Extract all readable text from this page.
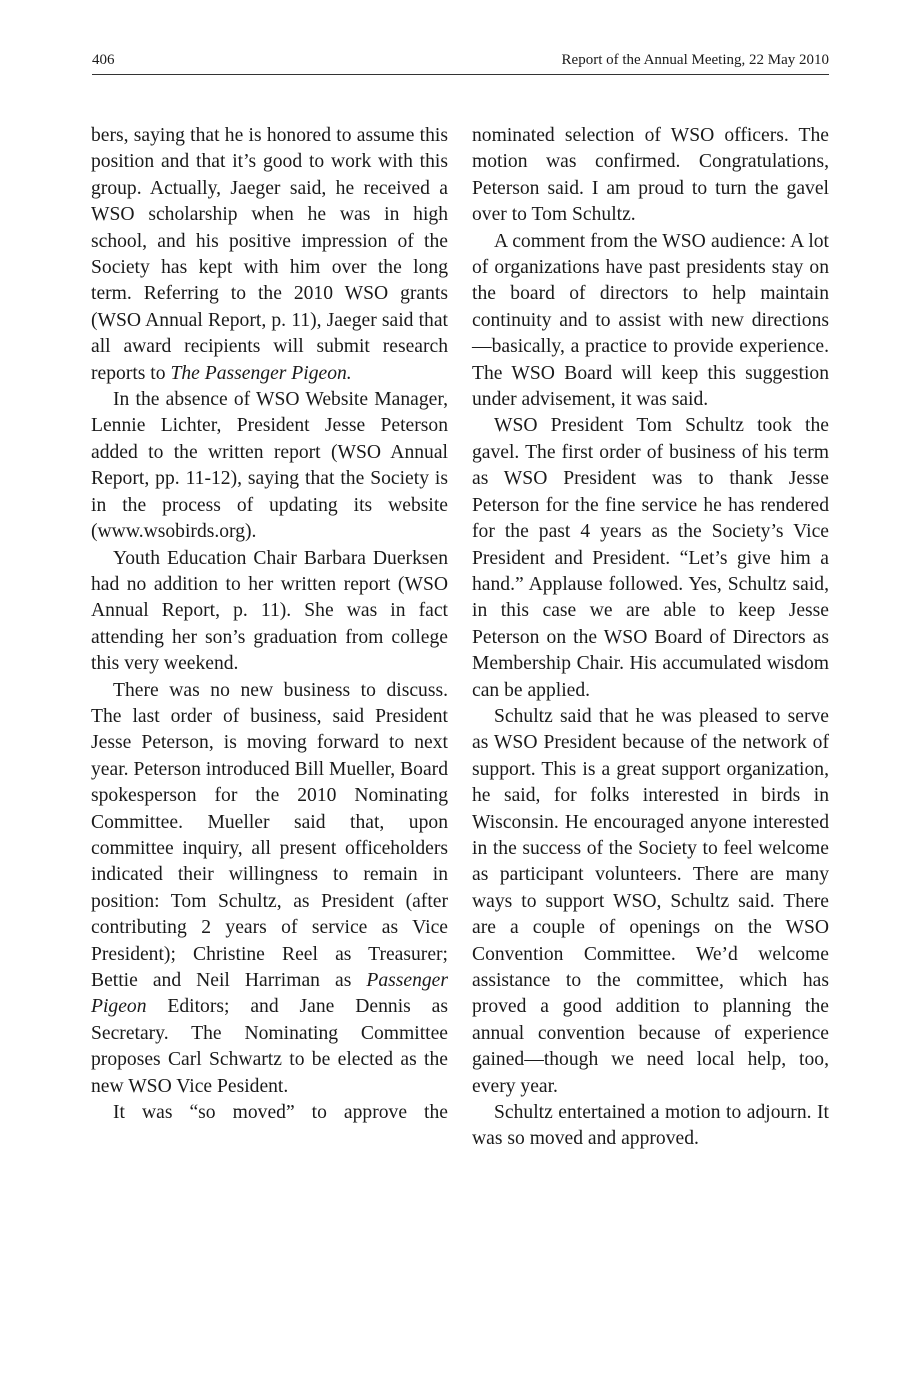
406	Report of the Annual Meeting, 22 May 2010

bers, saying that he is honored to assume this position and that it’s good to work with this group. Actually, Jaeger said, he received a WSO scholarship when he was in high school, and his positive impression of the Society has kept with him over the long term. Referring to the 2010 WSO grants (WSO Annual Report, p. 11), Jaeger said that all award recipients will submit research reports to The Passenger Pigeon.

In the absence of WSO Website Manager, Lennie Lichter, President Jesse Peterson added to the written report (WSO Annual Report, pp. 11-12), saying that the Society is in the process of updating its website (www.wsobirds.org).

Youth Education Chair Barbara Duerksen had no addition to her written report (WSO Annual Report, p. 11). She was in fact attending her son’s graduation from college this very weekend.

There was no new business to discuss. The last order of business, said President Jesse Peterson, is moving forward to next year. Peterson introduced Bill Mueller, Board spokesperson for the 2010 Nominating Committee. Mueller said that, upon committee inquiry, all present officeholders indicated their willingness to remain in position: Tom Schultz, as President (after contributing 2 years of service as Vice President); Christine Reel as Treasurer; Bettie and Neil Harriman as Passenger Pigeon Editors; and Jane Dennis as Secretary. The Nominating Committee proposes Carl Schwartz to be elected as the new WSO Vice Pesident.

It was “so moved” to approve the

nominated selection of WSO officers. The motion was confirmed. Congratulations, Peterson said. I am proud to turn the gavel over to Tom Schultz.

A comment from the WSO audience: A lot of organizations have past presidents stay on the board of directors to help maintain continuity and to assist with new directions—basically, a practice to provide experience. The WSO Board will keep this suggestion under advisement, it was said.

WSO President Tom Schultz took the gavel. The first order of business of his term as WSO President was to thank Jesse Peterson for the fine service he has rendered for the past 4 years as the Society’s Vice President and President. “Let’s give him a hand.” Applause followed. Yes, Schultz said, in this case we are able to keep Jesse Peterson on the WSO Board of Directors as Membership Chair. His accumulated wisdom can be applied.

Schultz said that he was pleased to serve as WSO President because of the network of support. This is a great support organization, he said, for folks interested in birds in Wisconsin. He encouraged anyone interested in the success of the Society to feel welcome as participant volunteers. There are many ways to support WSO, Schultz said. There are a couple of openings on the WSO Convention Committee. We’d welcome assistance to the committee, which has proved a good addition to planning the annual convention because of experience gained—though we need local help, too, every year.

Schultz entertained a motion to adjourn. It was so moved and approved.
